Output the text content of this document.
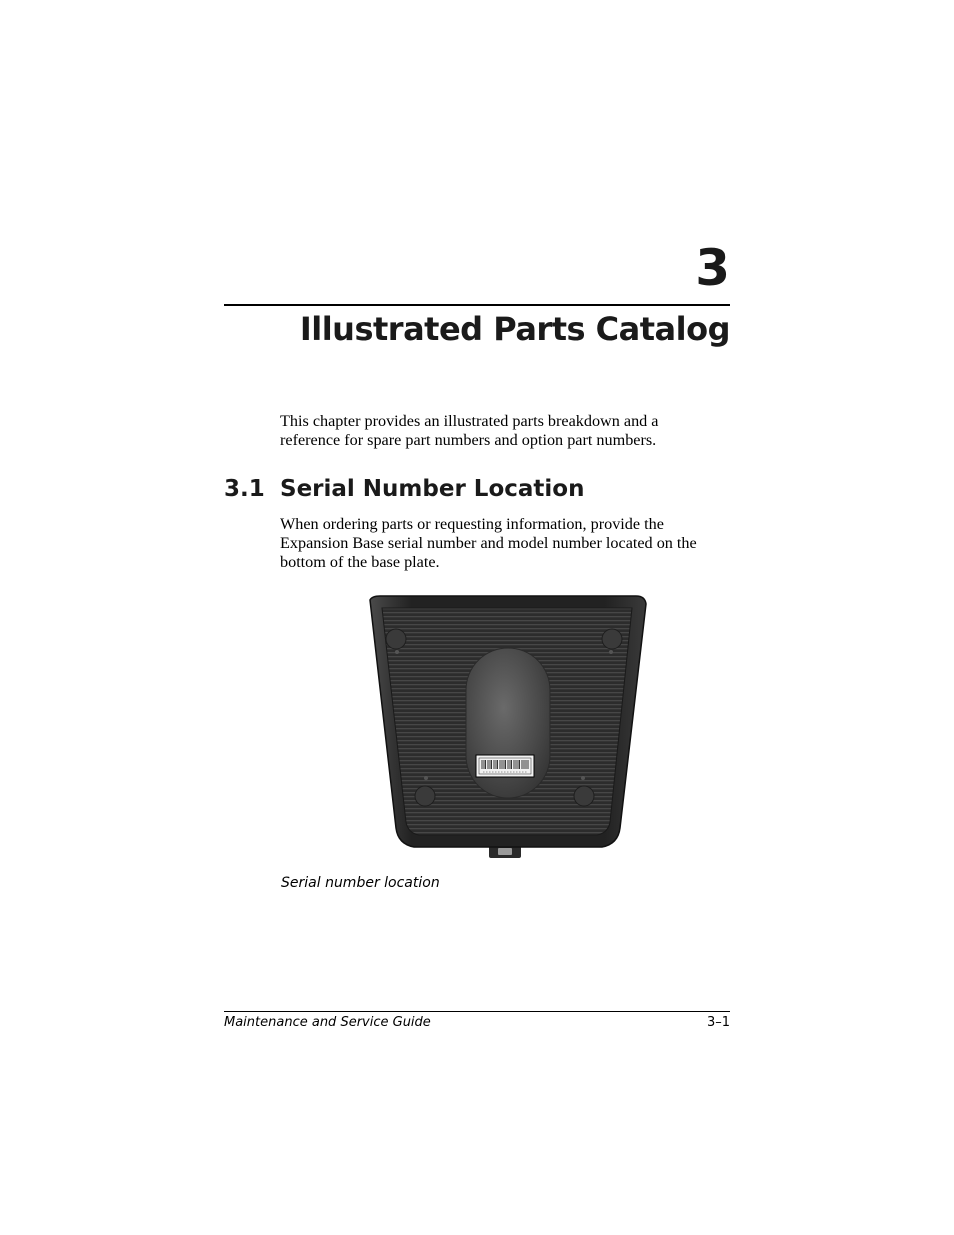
3
Illustrated Parts Catalog
This chapter provides an illustrated parts breakdown and a reference for spare part numbers and option part numbers.
3.1 Serial Number Location
When ordering parts or requesting information, provide the Expansion Base serial number and model number located on the bottom of the base plate.
Serial number location
Maintenance and Service Guide	3–1
